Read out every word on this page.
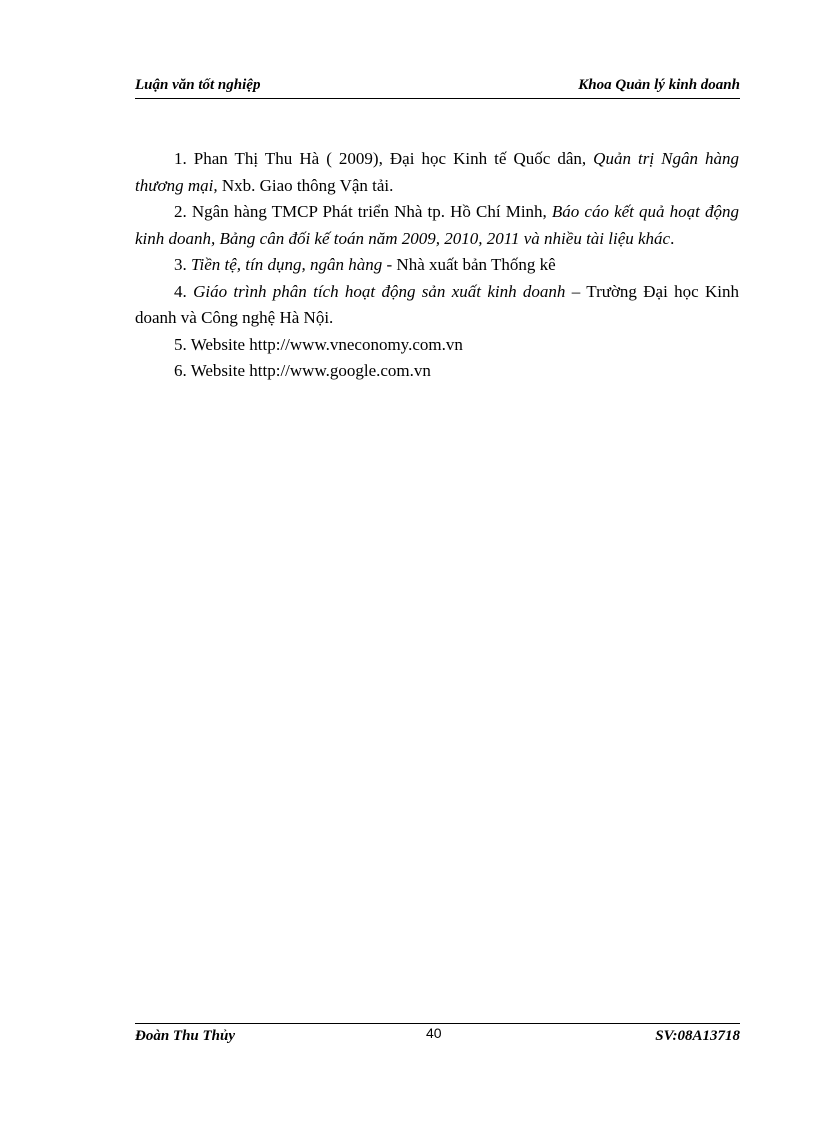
Luận văn tốt nghiệp	Khoa Quản lý kinh doanh

1. Phan Thị Thu Hà ( 2009), Đại học Kinh tế Quốc dân, Quản trị Ngân hàng thương mại, Nxb. Giao thông Vận tải.

2. Ngân hàng TMCP Phát triển Nhà tp. Hồ Chí Minh, Báo cáo kết quả hoạt động kinh doanh, Bảng cân đối kế toán năm 2009, 2010, 2011 và nhiều tài liệu khác.

3. Tiền tệ, tín dụng, ngân hàng - Nhà xuất bản Thống kê

4. Giáo trình phân tích hoạt động sản xuất kinh doanh – Trường Đại học Kinh doanh và Công nghệ Hà Nội.

5. Website http://www.vneconomy.com.vn

6. Website http://www.google.com.vn

Đoàn Thu Thủy	40	SV:08A13718
